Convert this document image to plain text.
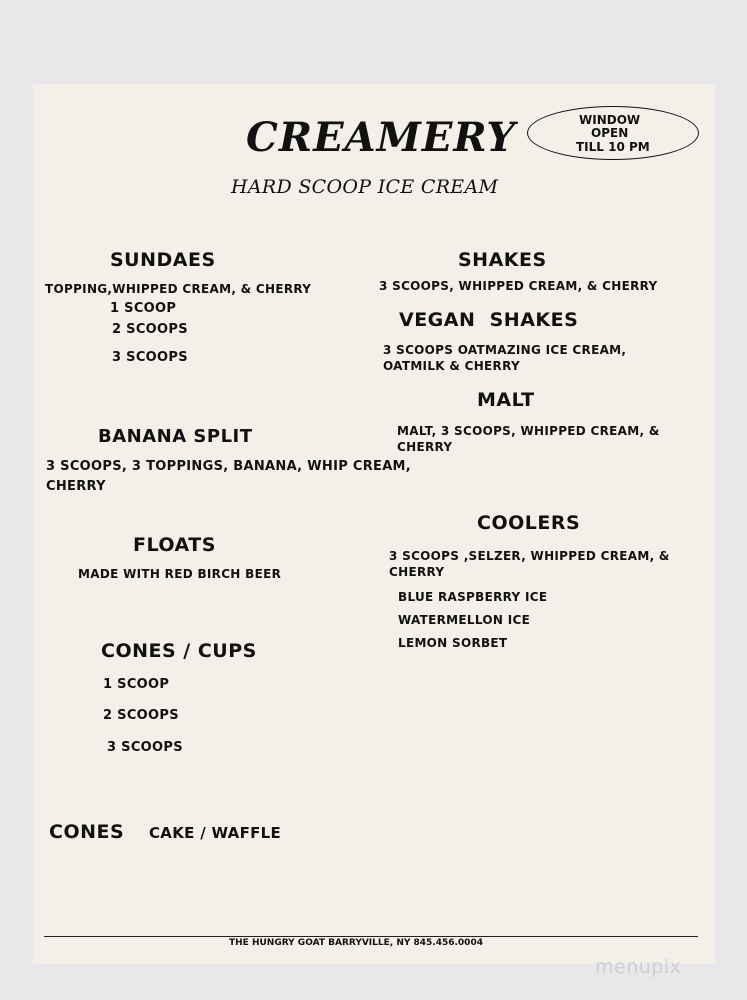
CREAMERY
HARD SCOOP ICE CREAM
WINDOW
OPEN
TILL 10 PM
SUNDAES
TOPPING,WHIPPED CREAM, & CHERRY
1 SCOOP
2 SCOOPS
3 SCOOPS
BANANA SPLIT
3 SCOOPS, 3 TOPPINGS, BANANA, WHIP CREAM, CHERRY
FLOATS
MADE WITH RED BIRCH BEER
CONES / CUPS
1 SCOOP
2 SCOOPS
3 SCOOPS
CONES CAKE / WAFFLE
SHAKES
3 SCOOPS, WHIPPED CREAM, & CHERRY
VEGAN  SHAKES
3 SCOOPS OATMAZING ICE CREAM, OATMILK & CHERRY
MALT
MALT, 3 SCOOPS, WHIPPED CREAM, & CHERRY
COOLERS
3 SCOOPS ,SELZER, WHIPPED CREAM, & CHERRY
BLUE RASPBERRY ICE
WATERMELLON ICE
LEMON SORBET
THE HUNGRY GOAT BARRYVILLE, NY 845.456.0004
menupix
